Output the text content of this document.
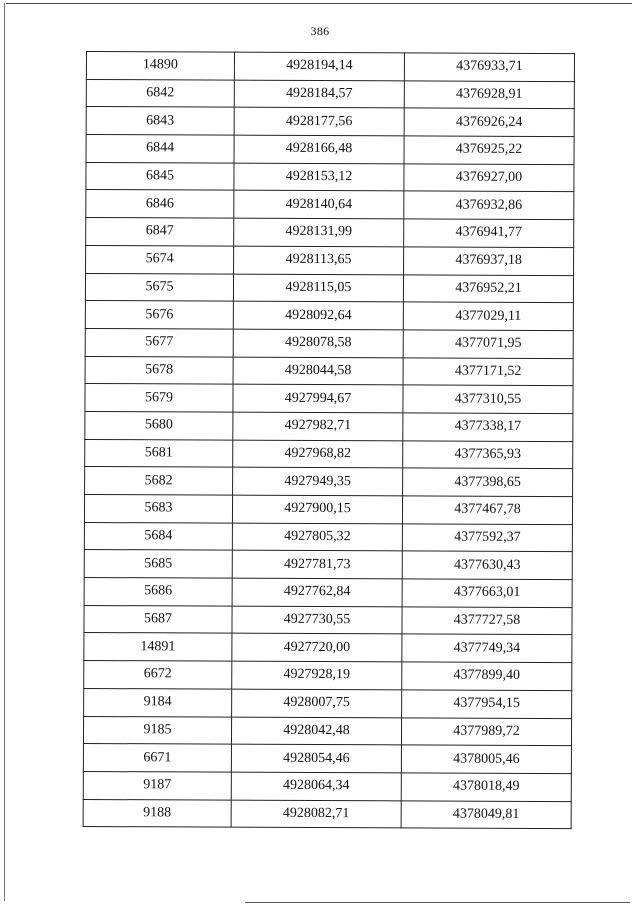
386
14890	4928194,14	4376933,71
6842	4928184,57	4376928,91
6843	4928177,56	4376926,24
6844	4928166,48	4376925,22
6845	4928153,12	4376927,00
6846	4928140,64	4376932,86
6847	4928131,99	4376941,77
5674	4928113,65	4376937,18
5675	4928115,05	4376952,21
5676	4928092,64	4377029,11
5677	4928078,58	4377071,95
5678	4928044,58	4377171,52
5679	4927994,67	4377310,55
5680	4927982,71	4377338,17
5681	4927968,82	4377365,93
5682	4927949,35	4377398,65
5683	4927900,15	4377467,78
5684	4927805,32	4377592,37
5685	4927781,73	4377630,43
5686	4927762,84	4377663,01
5687	4927730,55	4377727,58
14891	4927720,00	4377749,34
6672	4927928,19	4377899,40
9184	4928007,75	4377954,15
9185	4928042,48	4377989,72
6671	4928054,46	4378005,46
9187	4928064,34	4378018,49
9188	4928082,71	4378049,81
